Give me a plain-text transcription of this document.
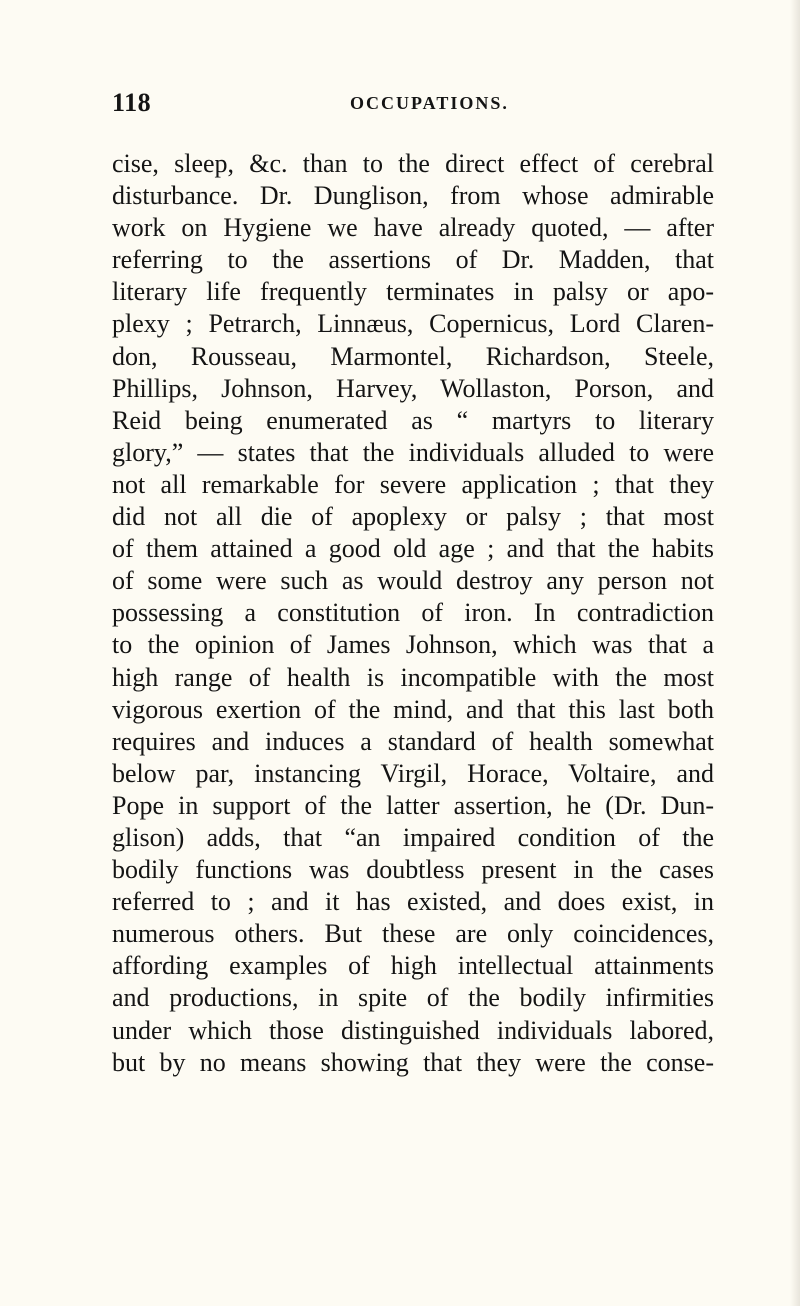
118	OCCUPATIONS.
cise, sleep, &c. than to the direct effect of cerebral
disturbance. Dr. Dunglison, from whose admirable
work on Hygiene we have already quoted, — after
referring to the assertions of Dr. Madden, that
literary life frequently terminates in palsy or apo-
plexy ; Petrarch, Linnæus, Copernicus, Lord Claren-
don, Rousseau, Marmontel, Richardson, Steele,
Phillips, Johnson, Harvey, Wollaston, Porson, and
Reid being enumerated as “ martyrs to literary
glory,” — states that the individuals alluded to were
not all remarkable for severe application ; that they
did not all die of apoplexy or palsy ; that most
of them attained a good old age ; and that the habits
of some were such as would destroy any person not
possessing a constitution of iron. In contradiction
to the opinion of James Johnson, which was that a
high range of health is incompatible with the most
vigorous exertion of the mind, and that this last both
requires and induces a standard of health somewhat
below par, instancing Virgil, Horace, Voltaire, and
Pope in support of the latter assertion, he (Dr. Dun-
glison) adds, that “an impaired condition of the
bodily functions was doubtless present in the cases
referred to ; and it has existed, and does exist, in
numerous others. But these are only coincidences,
affording examples of high intellectual attainments
and productions, in spite of the bodily infirmities
under which those distinguished individuals labored,
but by no means showing that they were the conse-
